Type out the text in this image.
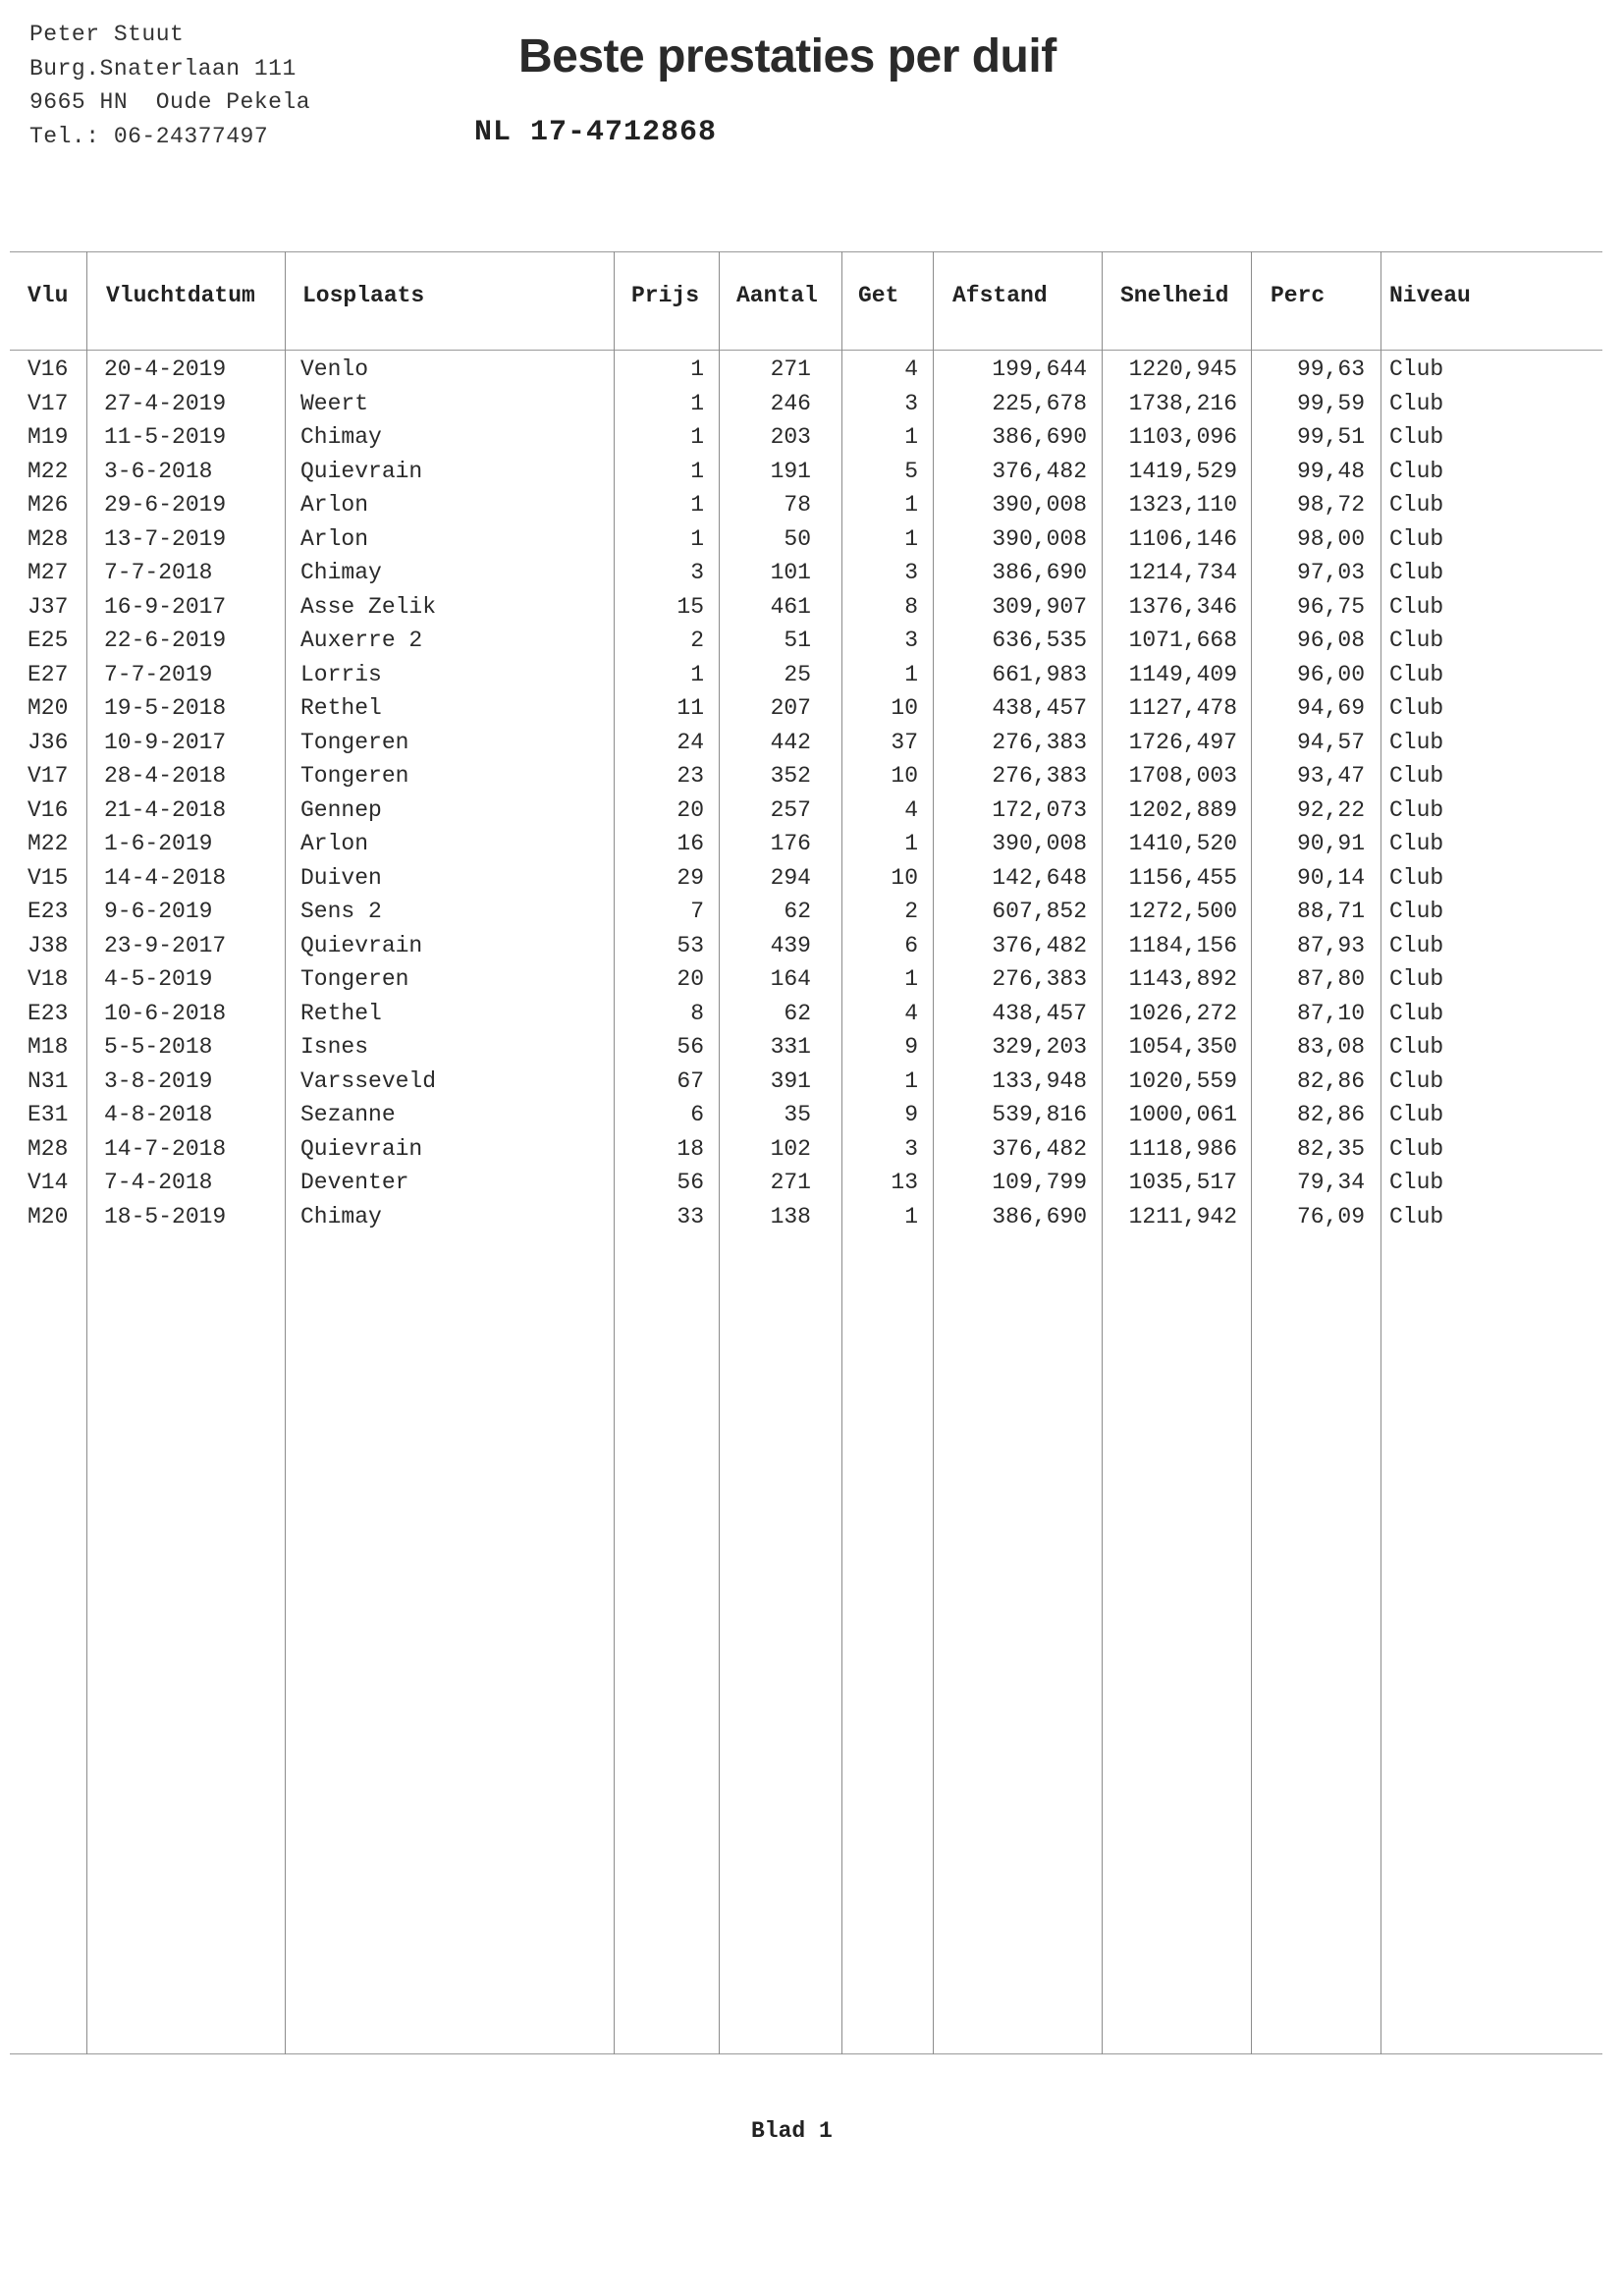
Peter Stuut
Burg.Snaterlaan 111
9665 HN  Oude Pekela
Tel.: 06-24377497
Beste prestaties per duif
NL 17-4712868
Vlu Vluchtdatum Losplaats	Prijs Aantal Get Afstand	Snelheid Perc	Niveau
V16 20-4-2019	Venlo	1	271	4	199,644 1220,945	99,63 Club
V17 27-4-2019	Weert	1	246	3	225,678 1738,216	99,59 Club
M19 11-5-2019	Chimay	1	203	1	386,690 1103,096	99,51 Club
M22 3-6-2018	Quievrain	1	191	5	376,482 1419,529	99,48 Club
M26 29-6-2019	Arlon	1	78	1	390,008 1323,110	98,72 Club
M28 13-7-2019	Arlon	1	50	1	390,008 1106,146	98,00 Club
M27 7-7-2018	Chimay	3	101	3	386,690 1214,734	97,03 Club
J37 16-9-2017	Asse Zelik	15	461	8	309,907 1376,346	96,75 Club
E25 22-6-2019	Auxerre 2	2	51	3	636,535 1071,668	96,08 Club
E27 7-7-2019	Lorris	1	25	1	661,983 1149,409	96,00 Club
M20 19-5-2018	Rethel	11	207	10	438,457 1127,478	94,69 Club
J36 10-9-2017	Tongeren	24	442	37	276,383 1726,497	94,57 Club
V17 28-4-2018	Tongeren	23	352	10	276,383 1708,003	93,47 Club
V16 21-4-2018	Gennep	20	257	4	172,073 1202,889	92,22 Club
M22 1-6-2019	Arlon	16	176	1	390,008 1410,520	90,91 Club
V15 14-4-2018	Duiven	29	294	10	142,648 1156,455	90,14 Club
E23 9-6-2019	Sens 2	7	62	2	607,852 1272,500	88,71 Club
J38 23-9-2017	Quievrain	53	439	6	376,482 1184,156	87,93 Club
V18 4-5-2019	Tongeren	20	164	1	276,383 1143,892	87,80 Club
E23 10-6-2018	Rethel	8	62	4	438,457 1026,272	87,10 Club
M18 5-5-2018	Isnes	56	331	9	329,203 1054,350	83,08 Club
N31 3-8-2019	Varsseveld	67	391	1	133,948 1020,559	82,86 Club
E31 4-8-2018	Sezanne	6	35	9	539,816 1000,061	82,86 Club
M28 14-7-2018	Quievrain	18	102	3	376,482 1118,986	82,35 Club
V14 7-4-2018	Deventer	56	271	13	109,799 1035,517	79,34 Club
M20 18-5-2019	Chimay	33	138	1	386,690 1211,942	76,09 Club
Blad 1
